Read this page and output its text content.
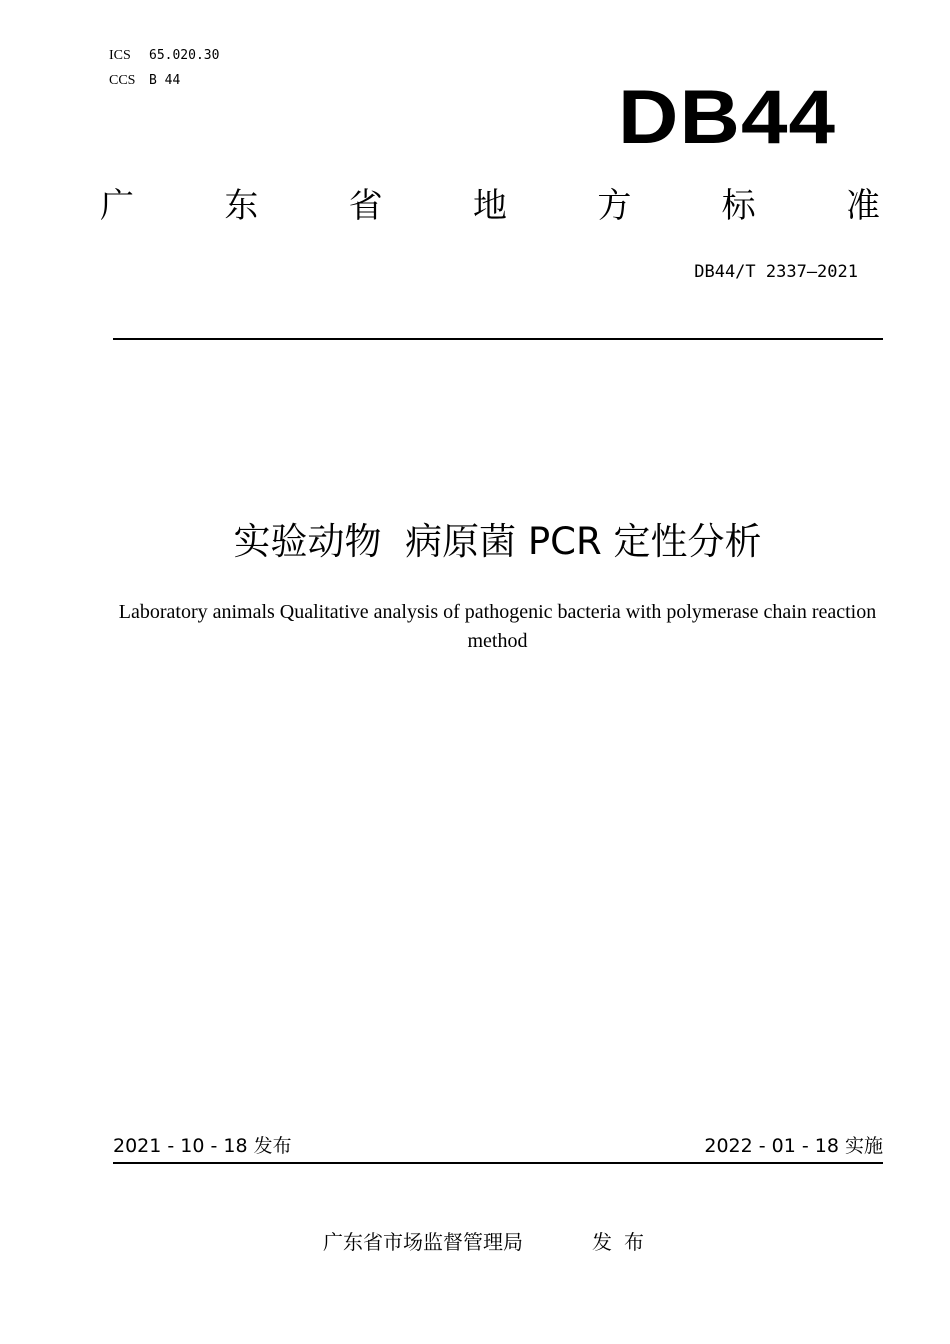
ICS 65.020.30
CCS B 44	DB44
广	东	省	地	方	标	准
DB44/T 2337—2021
实验动物  病原菌 PCR 定性分析
Laboratory animals Qualitative analysis of pathogenic bacteria with polymerase chain reaction method
2021 - 10 - 18 发布	2022 - 01 - 18 实施
广东省市场监督管理局	发布
